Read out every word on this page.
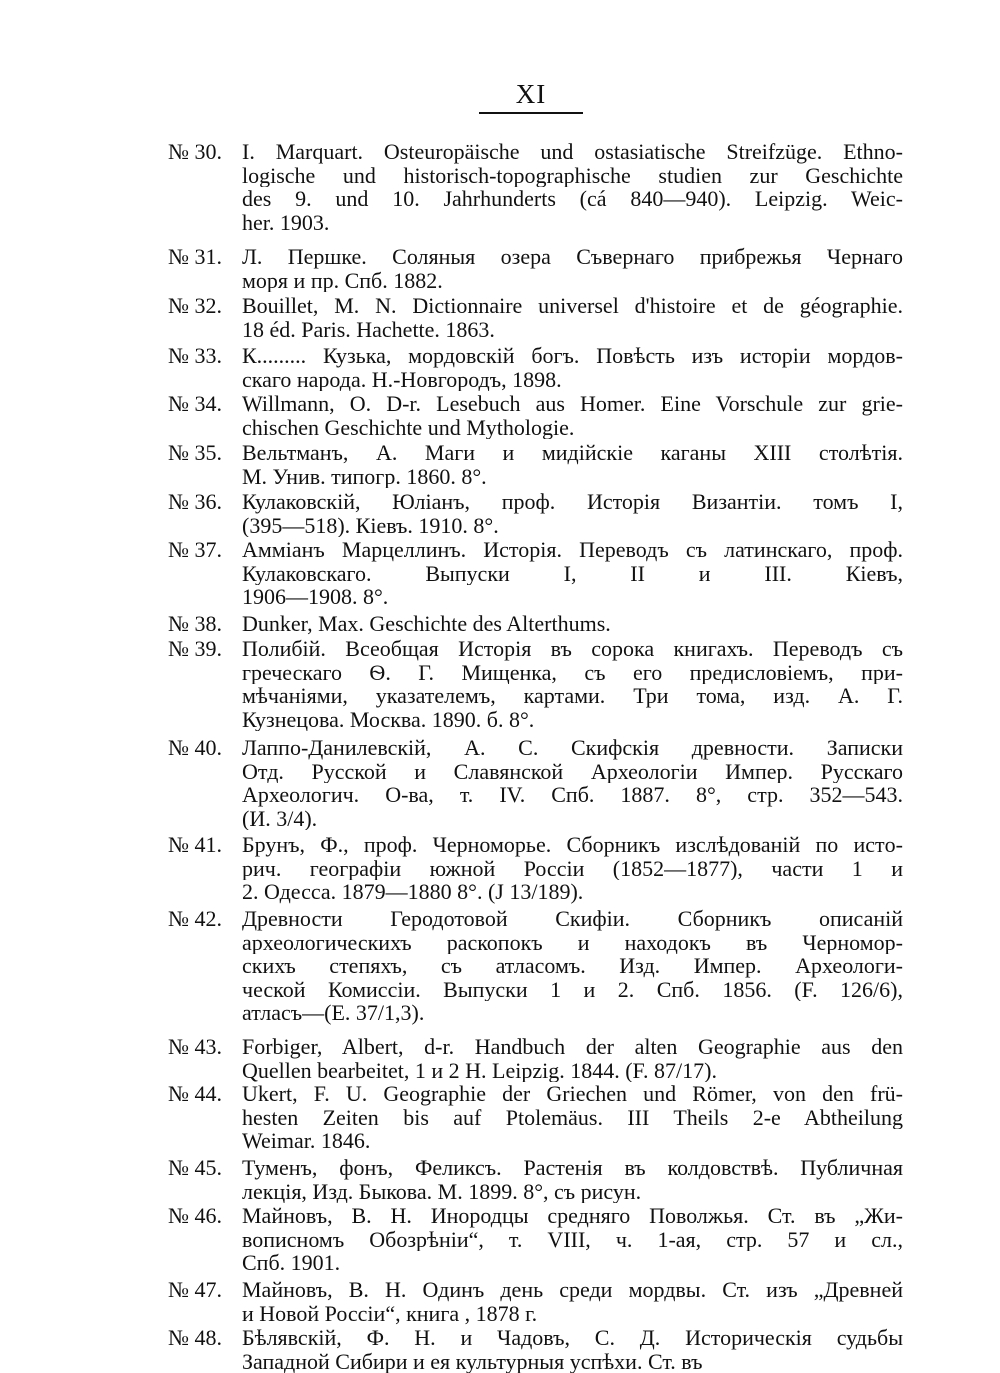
XI
№ 30. I. Marquart. Osteuropäische und ostasiatische Streifzüge. Ethno-
logische und historisch-topographische studien zur Geschichte
des 9. und 10. Jahrhunderts (cá 840—940). Leipzig. Weic-
her. 1903.
№ 31. Л. Першке. Соляныя озера Съвернаго прибрежья Чернаго
моря и пр. Спб. 1882.
№ 32. Bouillet, M. N. Dictionnaire universel d'histoire et de géographie.
18 éd. Paris. Hachette. 1863.
№ 33. К......... Кузька, мордовскій богъ. Повѣсть изъ исторіи мордов-
скаго народа. Н.-Новгородъ, 1898.
№ 34. Willmann, O. D-r. Lesebuch aus Homer. Eine Vorschule zur grie-
chischen Geschichte und Mythologie.
№ 35. Вельтманъ, А. Маги и мидійскіе каганы XIII столѣтія.
М. Унив. типогр. 1860. 8°.
№ 36. Кулаковскій, Юліанъ, проф. Исторія Византіи. томъ I,
(395—518). Кіевъ. 1910. 8°.
№ 37. Амміанъ Марцеллинъ. Исторія. Переводъ съ латинскаго, проф.
Кулаковскаго. Выпуски I, II и III. Кіевъ,
1906—1908. 8°.
№ 38. Dunker, Max. Geschichte des Alterthums.
№ 39. Полибій. Всеобщая Исторія въ сорока книгахъ. Переводъ съ
греческаго Ѳ. Г. Мищенка, съ его предисловіемъ, при-
мѣчаніями, указателемъ, картами. Три тома, изд. А. Г.
Кузнецова. Москва. 1890. б. 8°.
№ 40. Лаппо-Данилевскій, А. С. Скифскія древности. Записки
Отд. Русской и Славянской Археологіи Импер. Русскаго
Археологич. О-ва, т. IV. Спб. 1887. 8°, стр. 352—543.
(И. 3/4).
№ 41. Брунъ, Ф., проф. Черноморье. Сборникъ изслѣдованій по истo-
рич. географіи южной Россіи (1852—1877), части 1 и
2. Одесса. 1879—1880 8°. (J 13/189).
№ 42. Древности Геродотовой Скифіи. Сборникъ описаній
археологическихъ раскопокъ и находокъ въ Черномор-
скихъ степяхъ, съ атласомъ. Изд. Импер. Археологи-
ческой Комиссіи. Выпуски 1 и 2. Спб. 1856. (F. 126/6),
атласъ—(Е. 37/1,3).
№ 43. Forbiger, Albert, d-r. Handbuch der alten Geographie aus den
Quellen bearbeitet, 1 и 2 H. Leipzig. 1844. (F. 87/17).
№ 44. Ukert, F. U. Geographie der Griechen und Römer, von den frü-
hesten Zeiten bis auf Ptolemäus. III Theils 2-e Abtheilung
Weimar. 1846.
№ 45. Туменъ, фонъ, Феликсъ. Растенія въ колдовствѣ. Публичная
лекція, Изд. Быкова. М. 1899. 8°, съ рисун.
№ 46. Майновъ, В. Н. Инородцы средняго Поволжья. Ст. въ „Жи-
вописномъ Обозрѣніи“, т. VIII, ч. 1-ая, стр. 57 и сл.,
Спб. 1901.
№ 47. Майновъ, В. Н. Одинъ день среди мордвы. Ст. изъ „Древней
и Новой Россіи“, книга , 1878 г.
№ 48. Бѣлявскій, Ф. Н. и Чадовъ, С. Д. Историческія судьбы
Западной Сибири и ея культурныя успѣхи. Ст. въ
